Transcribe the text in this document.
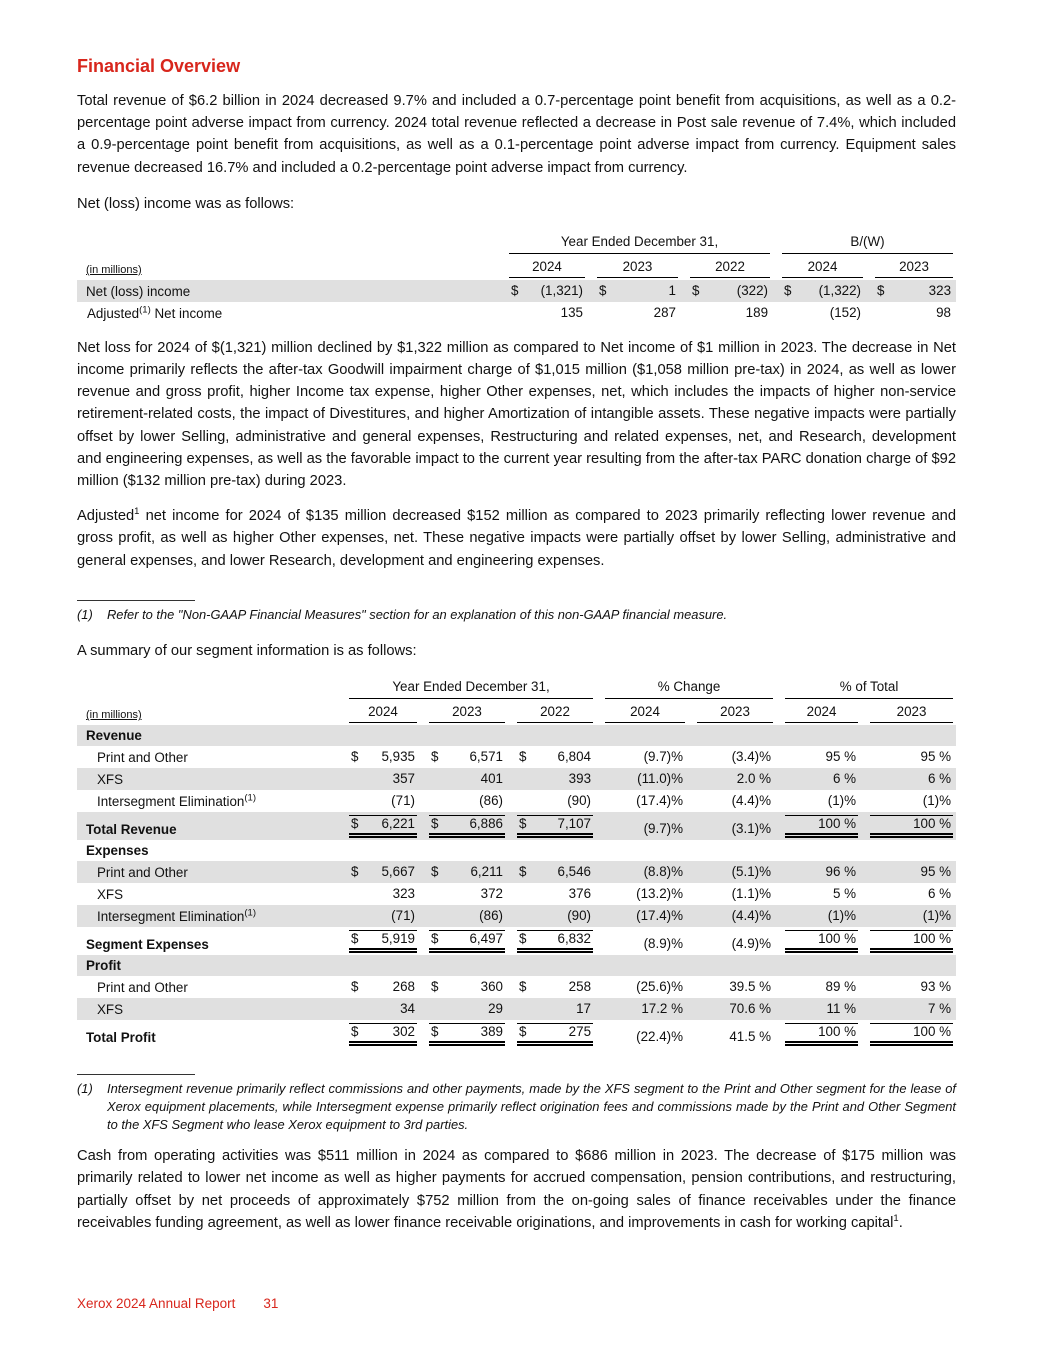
Financial Overview

Total revenue of $6.2 billion in 2024 decreased 9.7% and included a 0.7-percentage point benefit from acquisitions, as well as a 0.2-percentage point adverse impact from currency. 2024 total revenue reflected a decrease in Post sale revenue of 7.4%, which included a 0.9-percentage point benefit from acquisitions, as well as a 0.1-percentage point adverse impact from currency. Equipment sales revenue decreased 16.7% and included a 0.2-percentage point adverse impact from currency.

Net (loss) income was as follows:

	Year Ended December 31,			B/(W)	

(in millions)	2024	2023	2022	2024	2023

Net (loss) income	$ (1,321)	$ 1	$ (322)	$ (1,322)	$ 323

Adjusted$^{(1)}$ Net income	135	287	189	(152)	98

Net loss for 2024 of $(1,321) million declined by $1,322 million as compared to Net income of $1 million in 2023. The decrease in Net income primarily reflects the after-tax Goodwill impairment charge of $1,015 million ($1,058 million pre-tax) in 2024, as well as lower revenue and gross profit, higher Income tax expense, higher Other expenses, net, which includes the impacts of higher non-service retirement-related costs, the impact of Divestitures, and higher Amortization of intangible assets. These negative impacts were partially offset by lower Selling, administrative and general expenses, Restructuring and related expenses, net, and Research, development and engineering expenses, as well as the favorable impact to the current year resulting from the after-tax PARC donation charge of $92 million ($132 million pre-tax) during 2023.

Adjusted$^1$ net income for 2024 of $135 million decreased $152 million as compared to 2023 primarily reflecting lower revenue and gross profit, as well as higher Other expenses, net. These negative impacts were partially offset by lower Selling, administrative and general expenses, and lower Research, development and engineering expenses.

(1)	Refer to the "Non-GAAP Financial Measures" section for an explanation of this non-GAAP financial measure.

A summary of our segment information is as follows:

	Year Ended December 31,			% Change		% of Total	

(in millions)	2024	2023	2022	2024	2023	2024	2023

Revenue							
Print and Other	$ 5,935	$ 6,571	$ 6,804	(9.7)%	(3.4)%	95 %	95 %

XFS	357	401	393	(11.0)%	2.0 %	6 %	6 %

Intersegment Elimination$^{(1)}$	(71)	(86)	(90)	(17.4)%	(4.4)%	(1)%	(1)%

Total Revenue	$ 6,221	$ 6,886	$ 7,107	(9.7)%	(3.1)%	100 %	100 %

Expenses							
Print and Other	$ 5,667	$ 6,211	$ 6,546	(8.8)%	(5.1)%	96 %	95 %

XFS	323	372	376	(13.2)%	(1.1)%	5 %	6 %

Intersegment Elimination$^{(1)}$	(71)	(86)	(90)	(17.4)%	(4.4)%	(1)%	(1)%

Segment Expenses	$ 5,919	$ 6,497	$ 6,832	(8.9)%	(4.9)%	100 %	100 %

Profit							
Print and Other	$ 268	$ 360	$ 258	(25.6)%	39.5 %	89 %	93 %

XFS	34	29	17	17.2 %	70.6 %	11 %	7 %

Total Profit	$ 302	$ 389	$ 275	(22.4)%	41.5 %	100 %	100 %
(1)	Intersegment revenue primarily reflect commissions and other payments, made by the XFS segment to the Print and Other segment for the lease of Xerox equipment placements, while Intersegment expense primarily reflect origination fees and commissions made by the Print and Other Segment to the XFS Segment who lease Xerox equipment to 3rd parties.

Cash from operating activities was $511 million in 2024 as compared to $686 million in 2023. The decrease of $175 million was primarily related to lower net income as well as higher payments for accrued compensation, pension contributions, and restructuring, partially offset by net proceeds of approximately $752 million from the on-going sales of finance receivables under the finance receivables funding agreement, as well as lower finance receivable originations, and improvements in cash for working capital$^1$.

Xerox 2024 Annual Report 31
